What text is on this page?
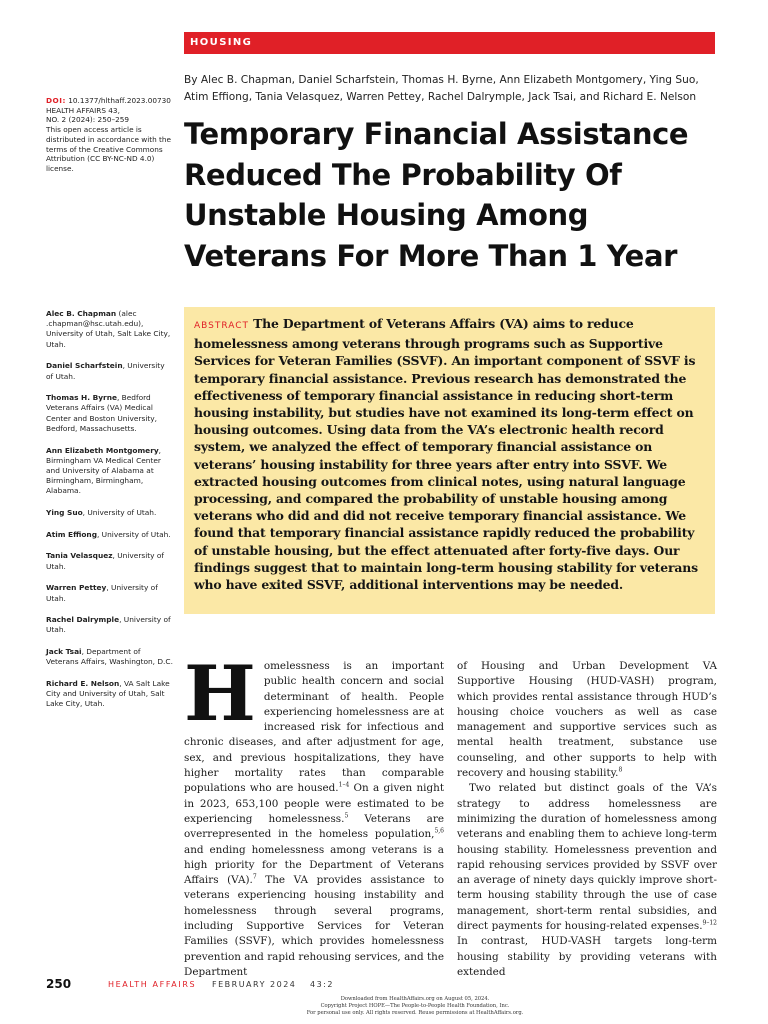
HOUSING
DOI: 10.1377/hlthaff.2023.00730
HEALTH AFFAIRS 43,
NO. 2 (2024): 250–259
This open access article is distributed in accordance with the terms of the Creative Commons Attribution (CC BY-NC-ND 4.0) license.
By Alec B. Chapman, Daniel Scharfstein, Thomas H. Byrne, Ann Elizabeth Montgomery, Ying Suo, Atim Effiong, Tania Velasquez, Warren Pettey, Rachel Dalrymple, Jack Tsai, and Richard E. Nelson
Temporary Financial Assistance Reduced The Probability Of Unstable Housing Among Veterans For More Than 1 Year
Alec B. Chapman (alec .chapman@hsc.utah.edu), University of Utah, Salt Lake City, Utah.
Daniel Scharfstein, University of Utah.
Thomas H. Byrne, Bedford Veterans Affairs (VA) Medical Center and Boston University, Bedford, Massachusetts.
Ann Elizabeth Montgomery, Birmingham VA Medical Center and University of Alabama at Birmingham, Birmingham, Alabama.
Ying Suo, University of Utah.
Atim Effiong, University of Utah.
Tania Velasquez, University of Utah.
Warren Pettey, University of Utah.
Rachel Dalrymple, University of Utah.
Jack Tsai, Department of Veterans Affairs, Washington, D.C.
Richard E. Nelson, VA Salt Lake City and University of Utah, Salt Lake City, Utah.

ABSTRACT The Department of Veterans Affairs (VA) aims to reduce homelessness among veterans through programs such as Supportive Services for Veteran Families (SSVF). An important component of SSVF is temporary financial assistance. Previous research has demonstrated the effectiveness of temporary financial assistance in reducing short-term housing instability, but studies have not examined its long-term effect on housing outcomes. Using data from the VA’s electronic health record system, we analyzed the effect of temporary financial assistance on veterans’ housing instability for three years after entry into SSVF. We extracted housing outcomes from clinical notes, using natural language processing, and compared the probability of unstable housing among veterans who did and did not receive temporary financial assistance. We found that temporary financial assistance rapidly reduced the probability of unstable housing, but the effect attenuated after forty-five days. Our findings suggest that to maintain long-term housing stability for veterans who have exited SSVF, additional interventions may be needed.

H omelessness is an important public health concern and social determinant of health. People experiencing homelessness are at increased risk for infectious and chronic diseases, and after adjustment for age, sex, and previous hospitalizations, they have higher mortality rates than comparable populations who are housed.$^{1-4}$ On a given night in 2023, 653,100 people were estimated to be experiencing homelessness.$^5$ Veterans are overrepresented in the homeless population,$^{5,6}$ and ending homelessness among veterans is a high priority for the Department of Veterans Affairs (VA).$^7$ The VA provides assistance to veterans experiencing housing instability and homelessness through several programs, including Supportive Services for Veteran Families (SSVF), which provides homelessness prevention and rapid rehousing services, and the Department

of Housing and Urban Development VA Supportive Housing (HUD-VASH) program, which provides rental assistance through HUD’s housing choice vouchers as well as case management and supportive services such as mental health treatment, substance use counseling, and other supports to help with recovery and housing stability.$^8$

Two related but distinct goals of the VA’s strategy to address homelessness are minimizing the duration of homelessness among veterans and enabling them to achieve long-term housing stability. Homelessness prevention and rapid rehousing services provided by SSVF over an average of ninety days quickly improve short-term housing stability through the use of case management, short-term rental subsidies, and direct payments for housing-related expenses.$^{9-12}$ In contrast, HUD-VASH targets long-term housing stability by providing veterans with extended

250	HEALTH AFFAIRS FEBRUARY 2024 43:2
Downloaded from HealthAffairs.org on August 05, 2024.
Copyright Project HOPE—The People-to-People Health Foundation, Inc.
For personal use only. All rights reserved. Reuse permissions at HealthAffairs.org.
